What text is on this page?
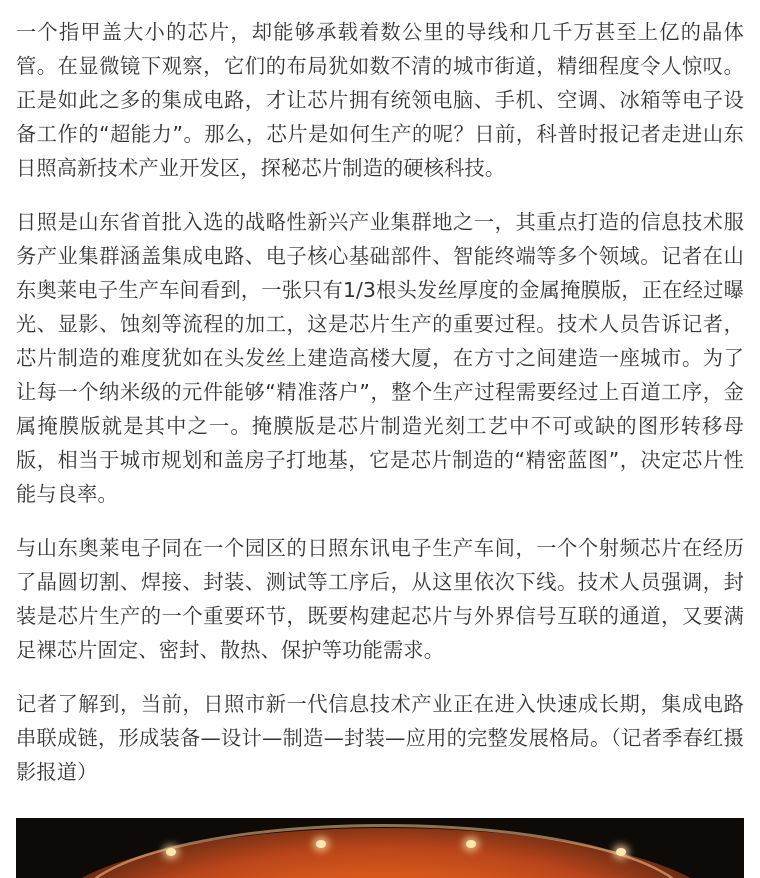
一个指甲盖大小的芯片，却能够承载着数公里的导线和几千万甚至上亿的晶体管。在显微镜下观察，它们的布局犹如数不清的城市街道，精细程度令人惊叹。正是如此之多的集成电路，才让芯片拥有统领电脑、手机、空调、冰箱等电子设备工作的“超能力”。那么，芯片是如何生产的呢？日前，科普时报记者走进山东日照高新技术产业开发区，探秘芯片制造的硬核科技。

日照是山东省首批入选的战略性新兴产业集群地之一，其重点打造的信息技术服务产业集群涵盖集成电路、电子核心基础部件、智能终端等多个领域。记者在山东奥莱电子生产车间看到，一张只有1/3根头发丝厚度的金属掩膜版，正在经过曝光、显影、蚀刻等流程的加工，这是芯片生产的重要过程。技术人员告诉记者，芯片制造的难度犹如在头发丝上建造高楼大厦，在方寸之间建造一座城市。为了让每一个纳米级的元件能够“精准落户”，整个生产过程需要经过上百道工序，金属掩膜版就是其中之一。掩膜版是芯片制造光刻工艺中不可或缺的图形转移母版，相当于城市规划和盖房子打地基，它是芯片制造的“精密蓝图”，决定芯片性能与良率。

与山东奥莱电子同在一个园区的日照东讯电子生产车间，一个个射频芯片在经历了晶圆切割、焊接、封装、测试等工序后，从这里依次下线。技术人员强调，封装是芯片生产的一个重要环节，既要构建起芯片与外界信号互联的通道，又要满足裸芯片固定、密封、散热、保护等功能需求。

记者了解到，当前，日照市新一代信息技术产业正在进入快速成长期，集成电路串联成链，形成装备—设计—制造—封装—应用的完整发展格局。（记者季春红摄影报道）
